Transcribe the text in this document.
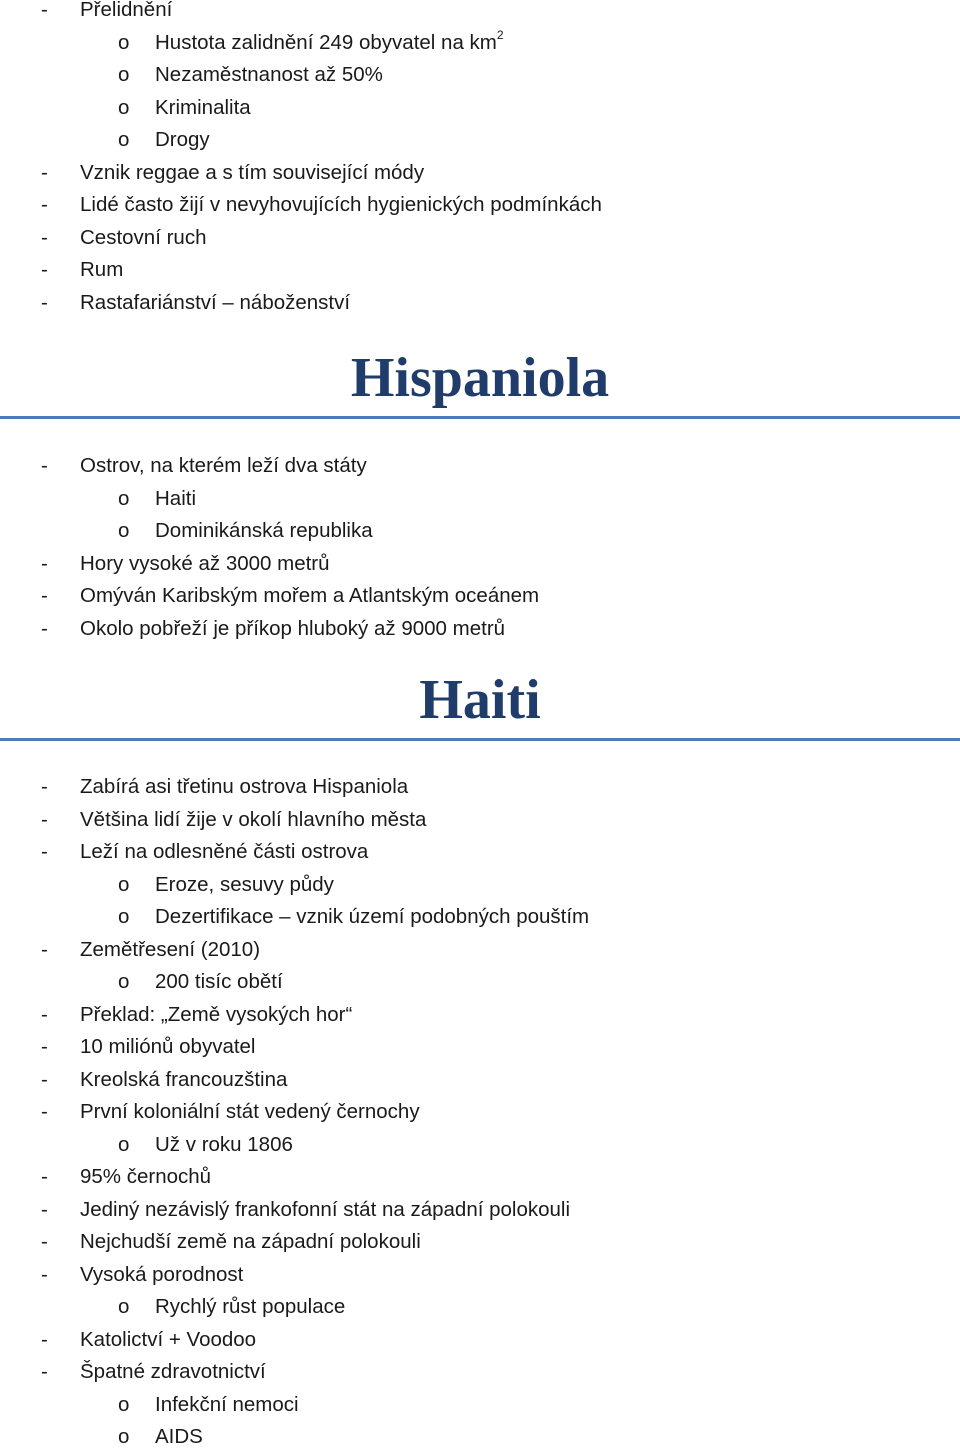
- Přelidnění
o Hustota zalidnění 249 obyvatel na $km^2$
o Nezaměstnanost až 50%
o Kriminalita
o Drogy
- Vznik reggae a s tím související módy
- Lidé často žijí v nevyhovujících hygienických podmínkách
- Cestovní ruch
- Rum
- Rastafariánství – náboženství
Hispaniola
- Ostrov, na kterém leží dva státy
o Haiti
o Dominikánská republika
- Hory vysoké až 3000 metrů
- Omýván Karibským mořem a Atlantským oceánem
- Okolo pobřeží je příkop hluboký až 9000 metrů
Haiti
- Zabírá asi třetinu ostrova Hispaniola
- Většina lidí žije v okolí hlavního města
- Leží na odlesněné části ostrova
o Eroze, sesuvy půdy
o Dezertifikace – vznik území podobných pouštím
- Zemětřesení (2010)
o 200 tisíc obětí
- Překlad: „Země vysokých hor“
- 10 miliónů obyvatel
- Kreolská francouzština
- První koloniální stát vedený černochy
o Už v roku 1806
- 95% černochů
- Jediný nezávislý frankofonní stát na západní polokouli
- Nejchudší země na západní polokouli
- Vysoká porodnost
o Rychlý růst populace
- Katolictví + Voodoo
- Špatné zdravotnictví
o Infekční nemoci
o AIDS
